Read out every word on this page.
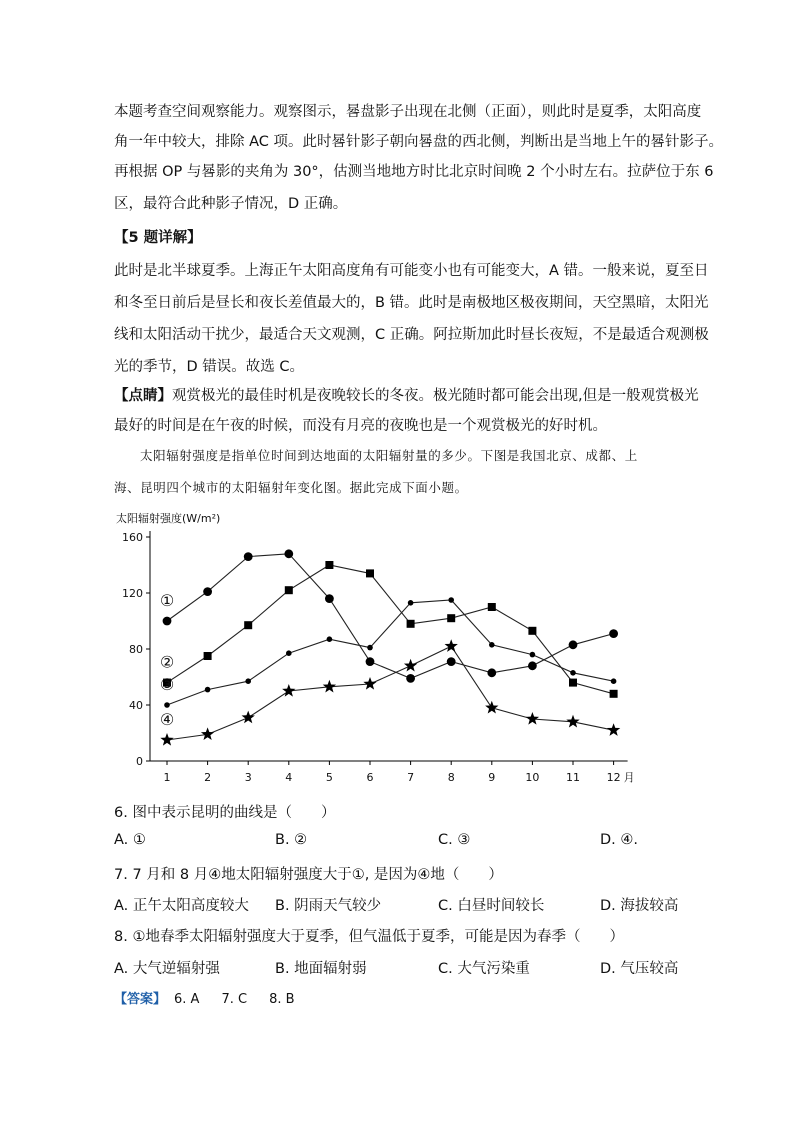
本题考查空间观察能力。观察图示，晷盘影子出现在北侧（正面），则此时是夏季，太阳高度

角一年中较大，排除 AC 项。此时晷针影子朝向晷盘的西北侧，判断出是当地上午的晷针影子。

再根据 OP 与晷影的夹角为 30°，估测当地地方时比北京时间晚 2 个小时左右。拉萨位于东 6

区，最符合此种影子情况，D 正确。

【5 题详解】

此时是北半球夏季。上海正午太阳高度角有可能变小也有可能变大，A 错。一般来说，夏至日

和冬至日前后是昼长和夜长差值最大的，B 错。此时是南极地区极夜期间，天空黑暗，太阳光

线和太阳活动干扰少，最适合天文观测，C 正确。阿拉斯加此时昼长夜短，不是最适合观测极

光的季节，D 错误。故选 C。

【点睛】观赏极光的最佳时机是夜晚较长的冬夜。极光随时都可能会出现,但是一般观赏极光

最好的时间是在午夜的时候，而没有月亮的夜晚也是一个观赏极光的好时机。

太阳辐射强度是指单位时间到达地面的太阳辐射量的多少。下图是我国北京、成都、上
海、昆明四个城市的太阳辐射年变化图。据此完成下面小题。
太阳辐射强度(W/m²)
0
40
80
120
160
1	2	3	4	5	6	7	8	9	10 11 12 月
①
②
③
④
6. 图中表示昆明的曲线是（　　）
A. ①	B. ②	C. ③	D. ④.
7. 7 月和 8 月④地太阳辐射强度大于①, 是因为④地（　　）
A. 正午太阳高度较大 B. 阴雨天气较少	C. 白昼时间较长	D. 海拔较高
8. ①地春季太阳辐射强度大于夏季，但气温低于夏季，可能是因为春季（　　）
A. 大气逆辐射强	B. 地面辐射弱	C. 大气污染重	D. 气压较高
【答案】 6. A 7. C 8. B
